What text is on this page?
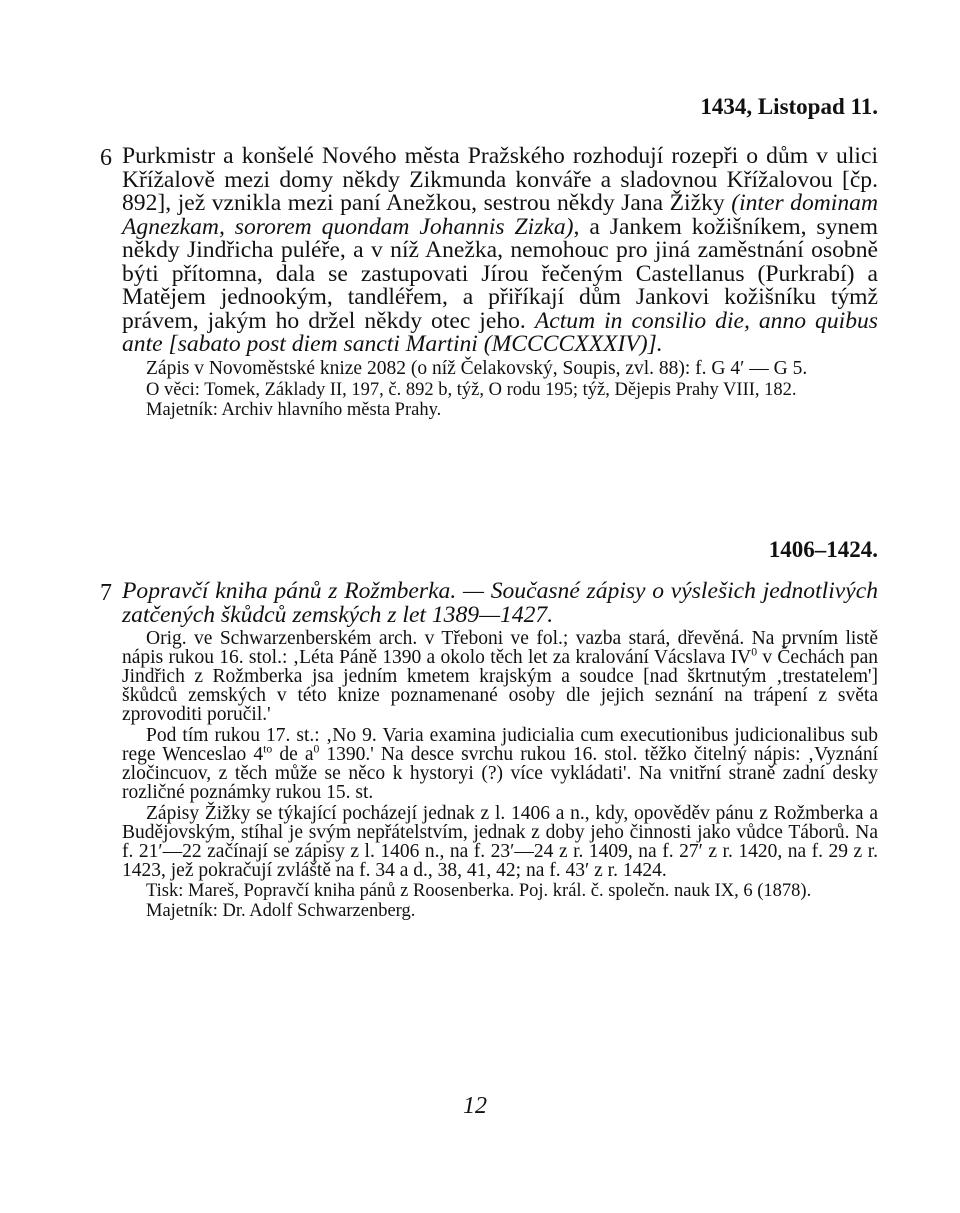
1434, Listopad 11.
6 Purkmistr a konšelé Nového města Pražského rozhodují rozepři o dům v ulici Křížalově mezi domy někdy Zikmunda konváře a sladovnou Křížalovou [čp. 892], jež vznikla mezi paní Anežkou, sestrou někdy Jana Žižky (inter dominam Agnezkam, sororem quondam Johannis Zizka), a Jankem kožišníkem, synem někdy Jindřicha puléře, a v níž Anežka, nemohouc pro jiná zaměstnání osobně býti přítomna, dala se zastupovati Jírou řečeným Castellanus (Purkrabí) a Matějem jednookým, tandléřem, a přiříkají dům Jankovi kožišníku týmž právem, jakým ho držel někdy otec jeho. Actum in consilio die, anno quibus ante [sabato post diem sancti Martini (MCCCCXXXIV)].

Zápis v Novoměstské knize 2082 (o níž Čelakovský, Soupis, zvl. 88): f. G 4′ — G 5.

O věci: Tomek, Základy II, 197, č. 892 b, týž, O rodu 195; týž, Dějepis Prahy VIII, 182.

Majetník: Archiv hlavního města Prahy.

1406–1424.
7 Popravčí kniha pánů z Rožmberka. — Současné zápisy o výslešich jednotlivých zatčených škůdců zemských z let 1389—1427.

Orig. ve Schwarzenberském arch. v Třeboni ve fol.; vazba stará, dřevěná. Na prvním listě nápis rukou 16. stol.: ‚Léta Páně 1390 a okolo těch let za kralování Vácslava $IV^0$ v Čechách pan Jindřich z Rožmberka jsa jedním kmetem krajským a soudce [nad škrtnutým ‚trestatelem'] škůdců zemských v této knize poznamenané osoby dle jejich seznání na trápení z světa zprovoditi poručil.'

Pod tím rukou 17. st.: ‚No 9. Varia examina judicialia cum executionibus judicionalibus sub rege Wenceslao $4^{to}$ de $a^0$ 1390.' Na desce svrchu rukou 16. stol. těžko čitelný nápis: ‚Vyznání zločincuov, z těch může se něco k hystoryi (?) více vykládati'. Na vnitřní straně zadní desky rozličné poznámky rukou 15. st.

Zápisy Žižky se týkající pocházejí jednak z l. 1406 a n., kdy, opověděv pánu z Rožmberka a Budějovským, stíhal je svým nepřátelstvím, jednak z doby jeho činnosti jako vůdce Táborů. Na f. 21′—22 začínají se zápisy z l. 1406 n., na f. 23′—24 z r. 1409, na f. 27′ z r. 1420, na f. 29 z r. 1423, jež pokračují zvláště na f. 34 a d., 38, 41, 42; na f. 43′ z r. 1424.

Tisk: Mareš, Popravčí kniha pánů z Roosenberka. Poj. král. č. společn. nauk IX, 6 (1878).

Majetník: Dr. Adolf Schwarzenberg.

12
